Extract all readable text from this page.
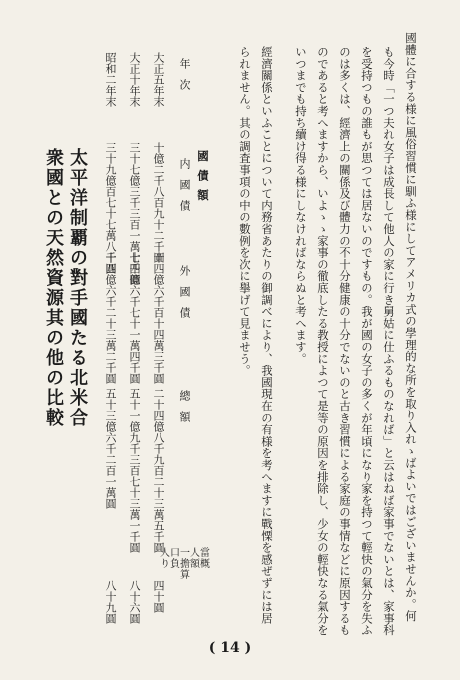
國體に合する様に風俗習慣に馴ふ様にしてアメリカ式の學理的な所を取り入れゝばよいではございませんか。何
も今時「一つ夫れ女子は成長して他人の家に行き舅姑に仕ふるものなれば」と云はねば家事でないとは、家事科
を受持つもの誰もが思つては居ないのですもの。我が國の女子の多くが年頃になり家を持つて輕快の氣分を失ふ
のは多くは、經濟上の關係及び體力の不十分健康の十分でないのと古き習慣による家庭の事情などに原因するも
のであると考へますから、いよゝゝ家事の徹底したる教授によつて是等の原因を排除し、少女の輕快なる氣分を
いつまでも持ち續け得る様にしなければならぬと考へます。
經濟關係といふことについて内務省あたりの御調べにより、我國現在の有様を考へますに戰慄を感ぜずには居
られません。其の調査事項の中の數例を次に擧げて見ませう。
國債額
年次
内國債
外國債
總額
大正五年末
十億二千八百九十二千圓
十四億六千百十四萬三千圓
二十四億八千九百二十三萬五千圓
大正十年末
三十七億三千三百一萬七千圓
十四億六千七十一萬四千圓
五十一億九千三百七十三萬一千圓
昭和二年末
三十九億百七十七萬八千圓
十四億六千二十三萬二千圓
五十三億六千二百一萬圓
人口一人當り負擔額概算
四十圓
八十六圓
八十九圓
太平洋制覇の對手國たる北米合
衆國との天然資源其の他の比較
( 14 )
